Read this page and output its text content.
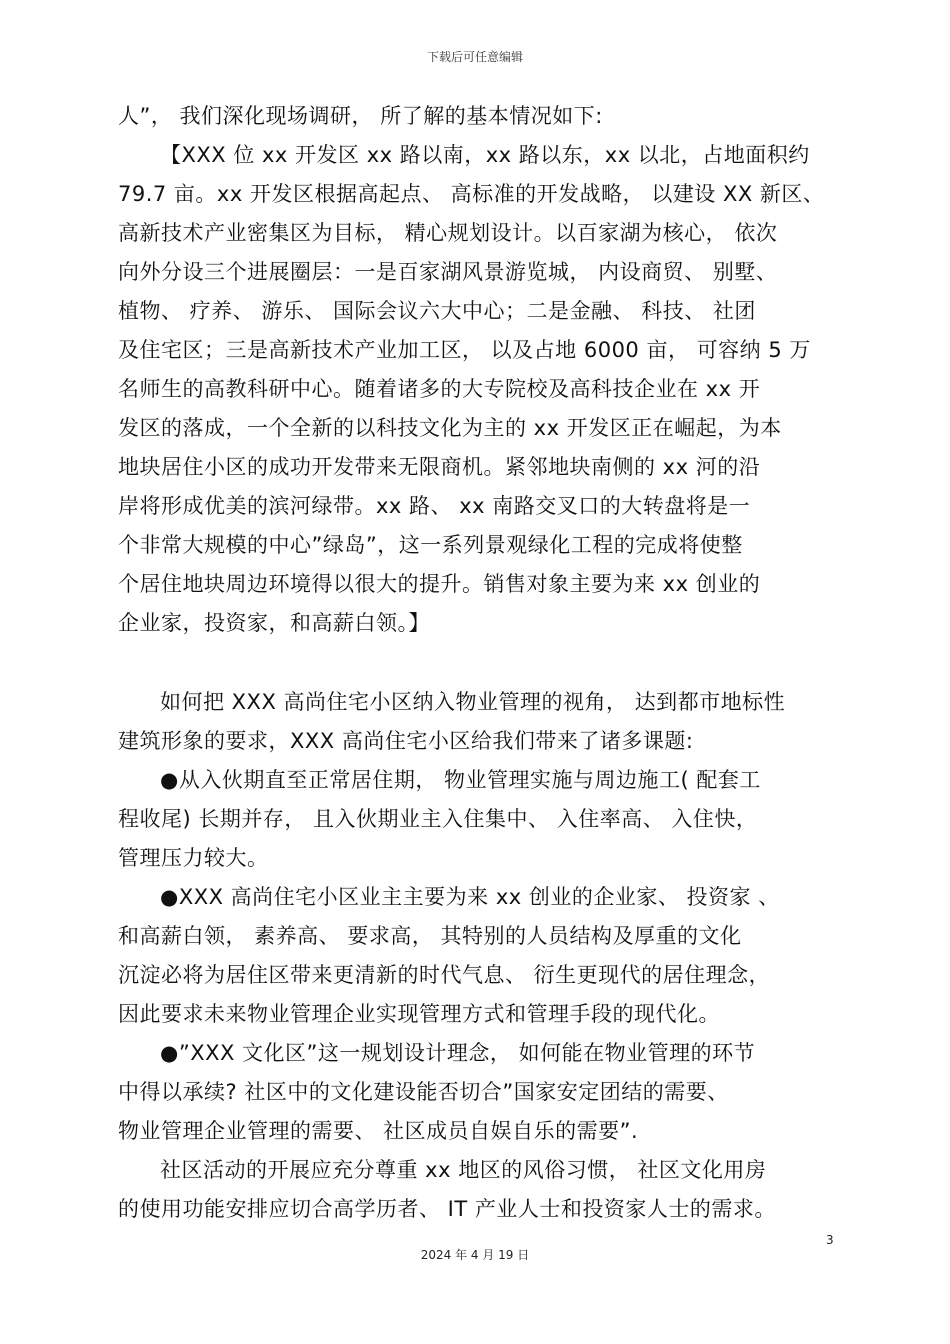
下载后可任意编辑
人”， 我们深化现场调研， 所了解的基本情况如下:
【XXX 位 xx 开发区 xx 路以南，xx 路以东，xx 以北，占地面积约
79.7 亩。xx 开发区根据高起点、 高标准的开发战略， 以建设 XX 新区、
高新技术产业密集区为目标， 精心规划设计。以百家湖为核心， 依次
向外分设三个进展圈层：一是百家湖风景游览城， 内设商贸、 别墅、
植物、 疗养、 游乐、 国际会议六大中心；二是金融、 科技、 社团
及住宅区；三是高新技术产业加工区， 以及占地 6000 亩， 可容纳 5 万
名师生的高教科研中心。随着诸多的大专院校及高科技企业在 xx 开
发区的落成，一个全新的以科技文化为主的 xx 开发区正在崛起，为本
地块居住小区的成功开发带来无限商机。紧邻地块南侧的 xx 河的沿
岸将形成优美的滨河绿带。xx 路、 xx 南路交叉口的大转盘将是一
个非常大规模的中心”绿岛”，这一系列景观绿化工程的完成将使整
个居住地块周边环境得以很大的提升。销售对象主要为来 xx 创业的
企业家，投资家，和高薪白领。】
如何把 XXX 高尚住宅小区纳入物业管理的视角， 达到都市地标性
建筑形象的要求，XXX 高尚住宅小区给我们带来了诸多课题:
●从入伙期直至正常居住期， 物业管理实施与周边施工( 配套工
程收尾) 长期并存， 且入伙期业主入住集中、 入住率高、 入住快，
管理压力较大。
●XXX 高尚住宅小区业主主要为来 xx 创业的企业家、 投资家 、
和高薪白领， 素养高、 要求高， 其特别的人员结构及厚重的文化
沉淀必将为居住区带来更清新的时代气息、 衍生更现代的居住理念，
因此要求未来物业管理企业实现管理方式和管理手段的现代化。
●”XXX 文化区”这一规划设计理念， 如何能在物业管理的环节
中得以承续? 社区中的文化建设能否切合”国家安定团结的需要、
物业管理企业管理的需要、 社区成员自娱自乐的需要”.
社区活动的开展应充分尊重 xx 地区的风俗习惯， 社区文化用房
的使用功能安排应切合高学历者、 IT 产业人士和投资家人士的需求。
3
2024 年 4 月 19 日
